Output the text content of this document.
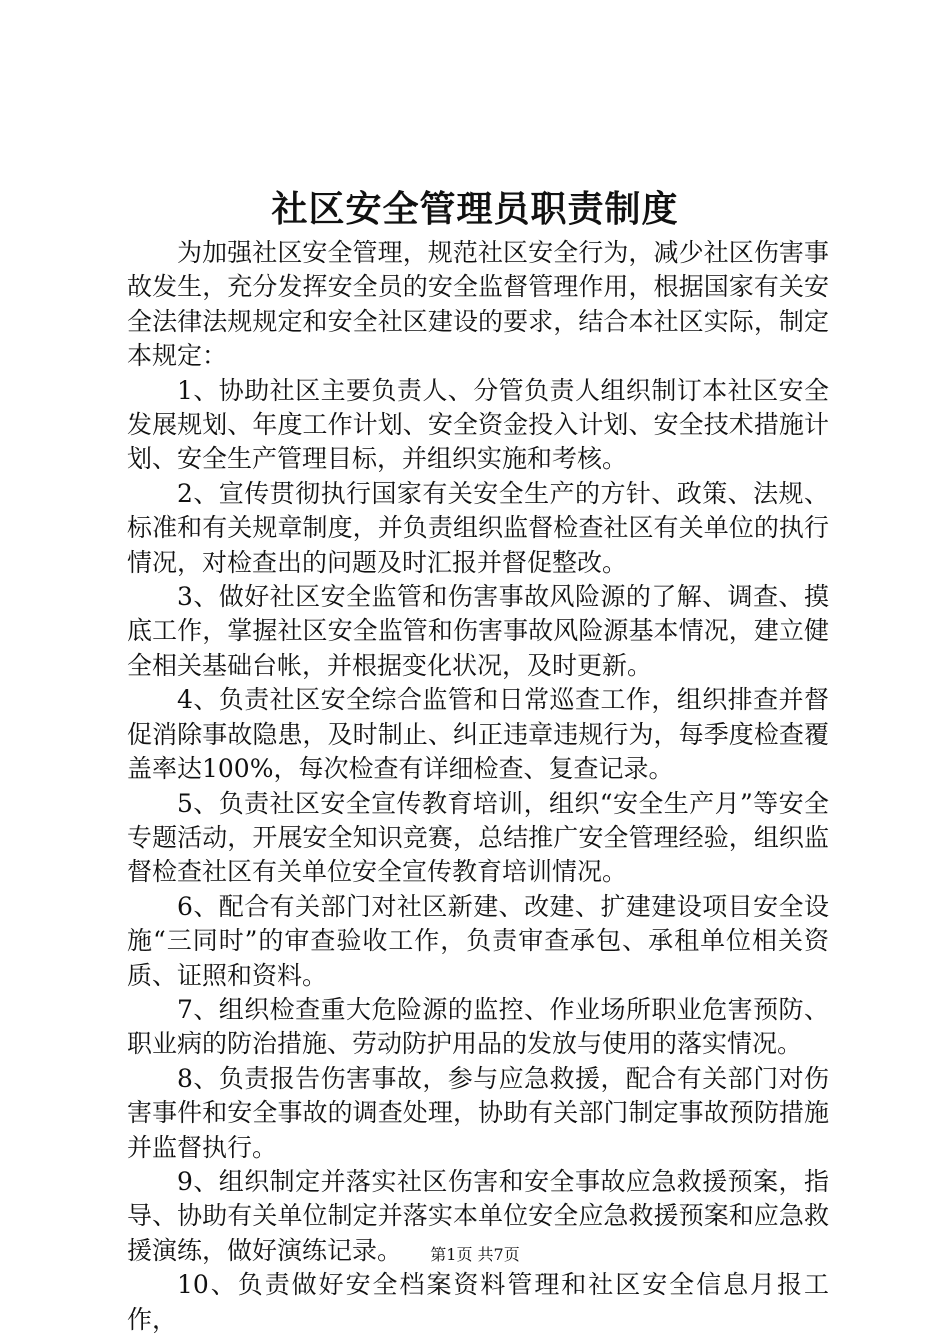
社区安全管理员职责制度

为加强社区安全管理，规范社区安全行为，减少社区伤害事故发生，充分发挥安全员的安全监督管理作用，根据国家有关安全法律法规规定和安全社区建设的要求，结合本社区实际，制定本规定：

1、协助社区主要负责人、分管负责人组织制订本社区安全发展规划、年度工作计划、安全资金投入计划、安全技术措施计划、安全生产管理目标，并组织实施和考核。

2、宣传贯彻执行国家有关安全生产的方针、政策、法规、标准和有关规章制度，并负责组织监督检查社区有关单位的执行情况，对检查出的问题及时汇报并督促整改。

3、做好社区安全监管和伤害事故风险源的了解、调查、摸底工作，掌握社区安全监管和伤害事故风险源基本情况，建立健全相关基础台帐，并根据变化状况，及时更新。

4、负责社区安全综合监管和日常巡查工作，组织排查并督促消除事故隐患，及时制止、纠正违章违规行为，每季度检查覆盖率达100%，每次检查有详细检查、复查记录。

5、负责社区安全宣传教育培训，组织“安全生产月”等安全专题活动，开展安全知识竞赛，总结推广安全管理经验，组织监督检查社区有关单位安全宣传教育培训情况。

6、配合有关部门对社区新建、改建、扩建建设项目安全设施“三同时”的审查验收工作，负责审查承包、承租单位相关资质、证照和资料。

7、组织检查重大危险源的监控、作业场所职业危害预防、职业病的防治措施、劳动防护用品的发放与使用的落实情况。

8、负责报告伤害事故，参与应急救援，配合有关部门对伤害事件和安全事故的调查处理，协助有关部门制定事故预防措施并监督执行。

9、组织制定并落实社区伤害和安全事故应急救援预案，指导、协助有关单位制定并落实本单位安全应急救援预案和应急救援演练，做好演练记录。

10、负责做好安全档案资料管理和社区安全信息月报工作，

第1页 共7页
